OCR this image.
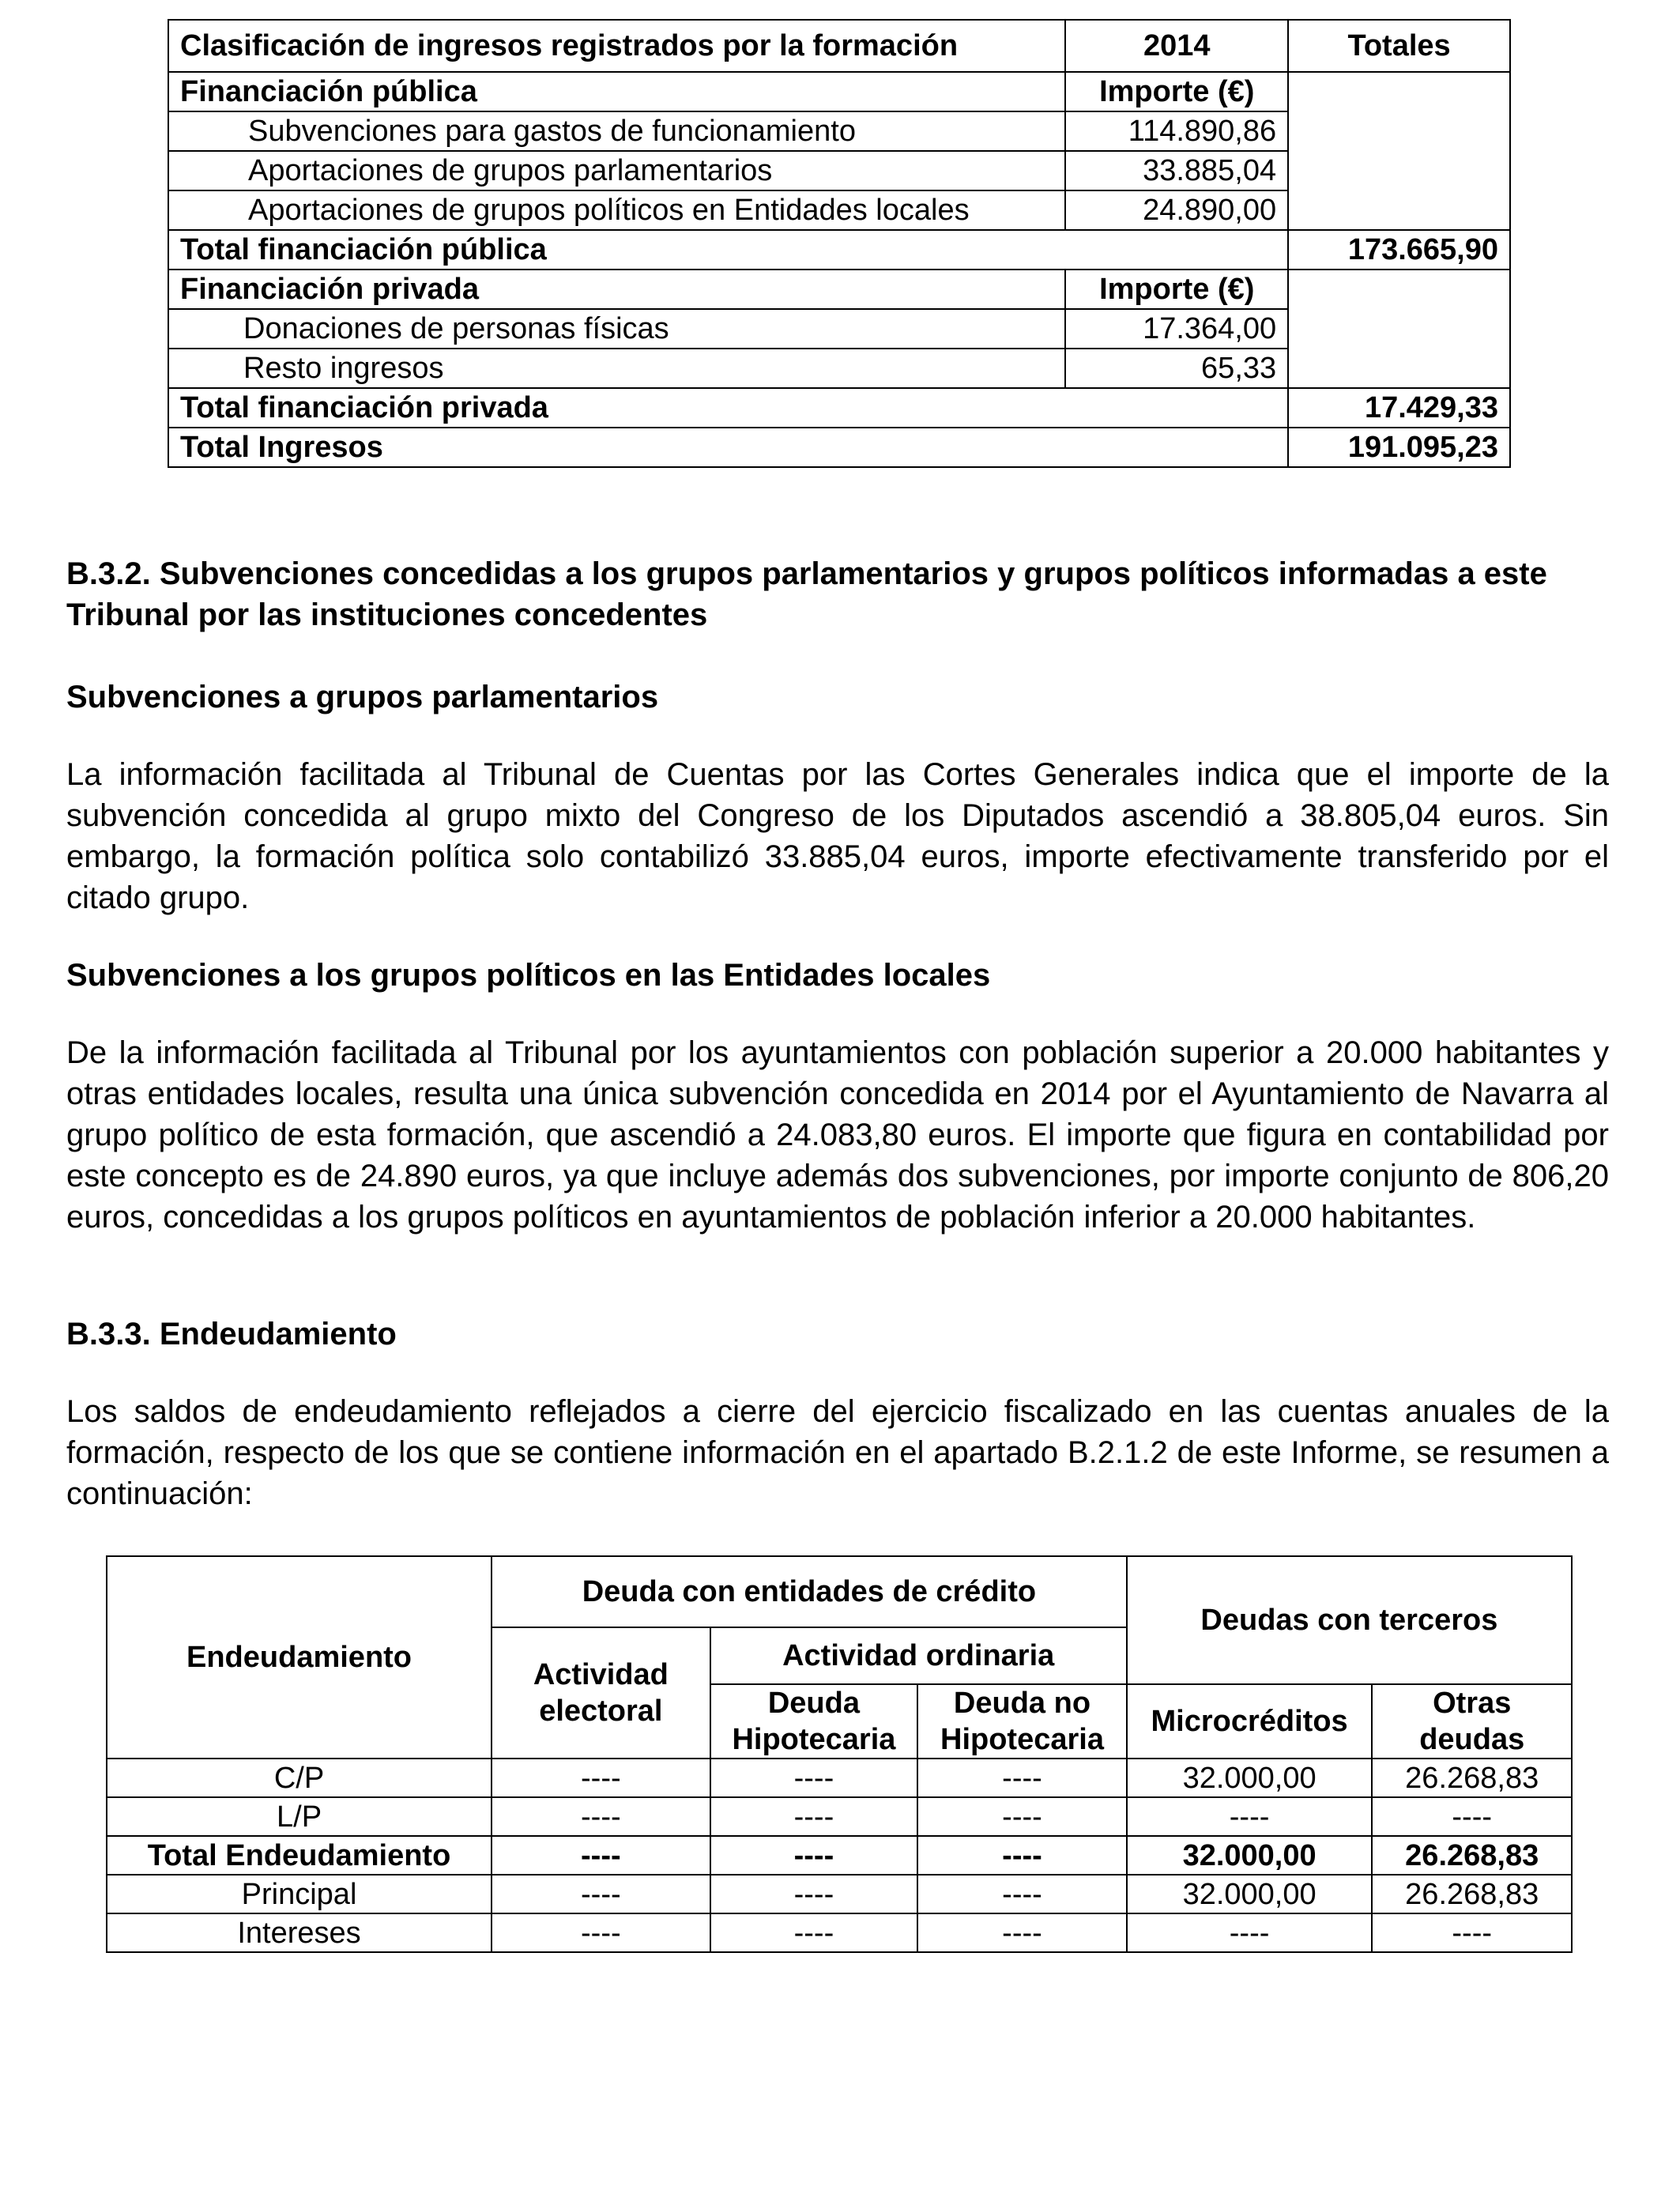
Clasificación de ingresos registrados por la formación	2014	Totales
Financiación pública	Importe (€)	
Subvenciones para gastos de funcionamiento	114.890,86	
Aportaciones de grupos parlamentarios	33.885,04	
Aportaciones de grupos políticos en Entidades locales	24.890,00	
Total financiación pública		173.665,90
Financiación privada	Importe (€)	
Donaciones de personas físicas	17.364,00	
Resto ingresos	65,33	
Total financiación privada		17.429,33
Total Ingresos		191.095,23

B.3.2. Subvenciones concedidas a los grupos parlamentarios y grupos políticos informadas a este Tribunal por las instituciones concedentes

Subvenciones a grupos parlamentarios

La información facilitada al Tribunal de Cuentas por las Cortes Generales indica que el importe de la subvención concedida al grupo mixto del Congreso de los Diputados ascendió a 38.805,04 euros. Sin embargo, la formación política solo contabilizó 33.885,04 euros, importe efectivamente transferido por el citado grupo.

Subvenciones a los grupos políticos en las Entidades locales

De la información facilitada al Tribunal por los ayuntamientos con población superior a 20.000 habitantes y otras entidades locales, resulta una única subvención concedida en 2014 por el Ayuntamiento de Navarra al grupo político de esta formación, que ascendió a 24.083,80 euros. El importe que figura en contabilidad por este concepto es de 24.890 euros, ya que incluye además dos subvenciones, por importe conjunto de 806,20 euros, concedidas a los grupos políticos en ayuntamientos de población inferior a 20.000 habitantes.

B.3.3. Endeudamiento

Los saldos de endeudamiento reflejados a cierre del ejercicio fiscalizado en las cuentas anuales de la formación, respecto de los que se contiene información en el apartado B.2.1.2 de este Informe, se resumen a continuación:

Endeudamiento	Deuda con entidades de crédito			Deudas con terceros	
	Actividad electoral	Actividad ordinaria			
		Deuda Hipotecaria	Deuda no Hipotecaria	Microcréditos	Otras deudas
C/P	----	----	----	32.000,00	26.268,83
L/P	----	----	----	----	----
Total Endeudamiento	----	----	----	32.000,00	26.268,83
Principal	----	----	----	32.000,00	26.268,83
Intereses	----	----	----	----	----
